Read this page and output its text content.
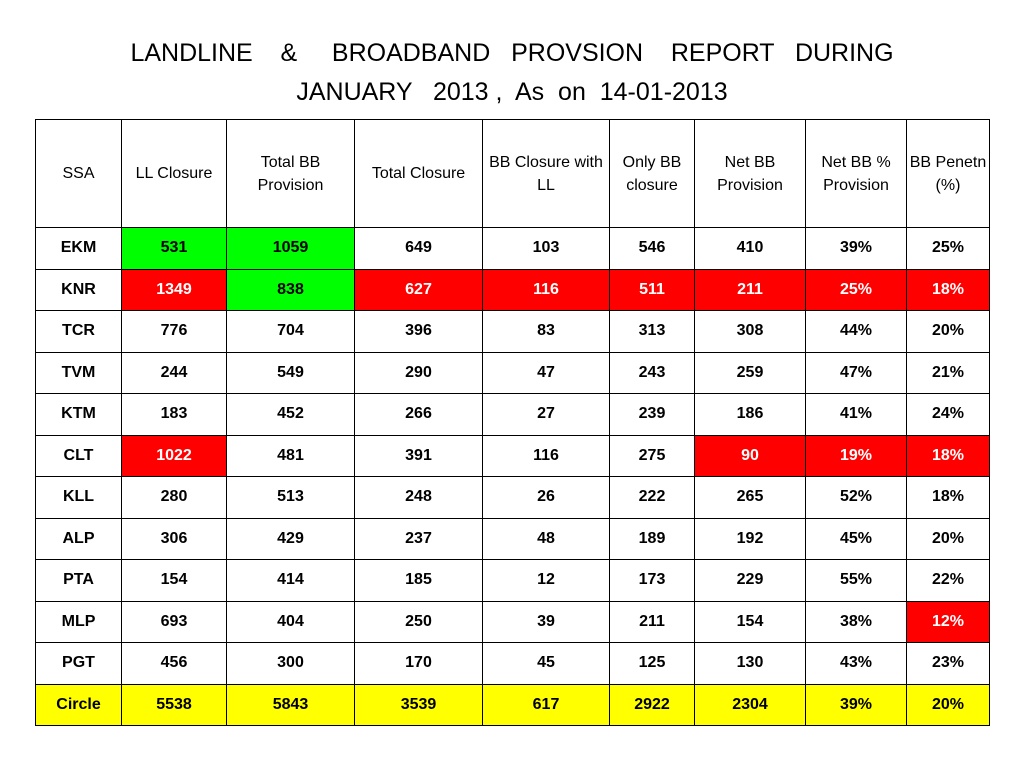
LANDLINE    &     BROADBAND   PROVSION    REPORT   DURING
JANUARY   2013 ,  As  on  14-01-2013
SSA	LL Closure	Total BB Provision	Total Closure	BB Closure with LL	Only BB closure	Net BB Provision	Net BB % Provision	BB Penetn (%)
EKM	531	1059	649	103	546	410	39%	25%
KNR	1349	838	627	116	511	211	25%	18%
TCR	776	704	396	83	313	308	44%	20%
TVM	244	549	290	47	243	259	47%	21%
KTM	183	452	266	27	239	186	41%	24%
CLT	1022	481	391	116	275	90	19%	18%
KLL	280	513	248	26	222	265	52%	18%
ALP	306	429	237	48	189	192	45%	20%
PTA	154	414	185	12	173	229	55%	22%
MLP	693	404	250	39	211	154	38%	12%
PGT	456	300	170	45	125	130	43%	23%
Circle	5538	5843	3539	617	2922	2304	39%	20%
